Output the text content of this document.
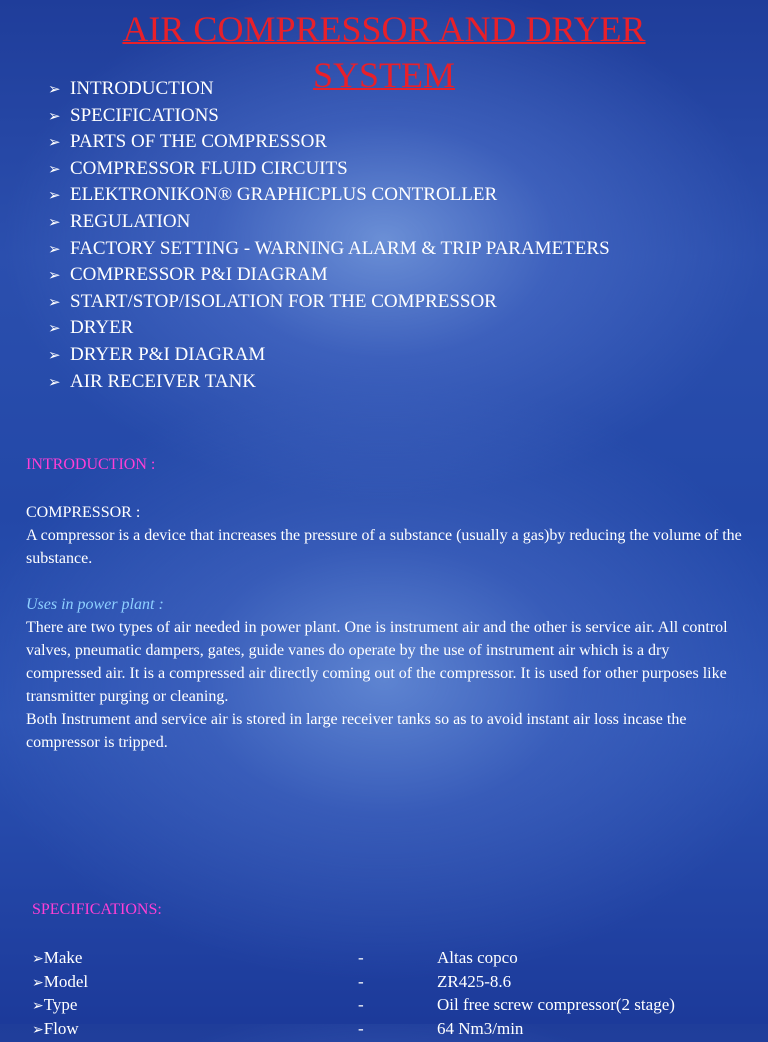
AIR COMPRESSOR AND DRYER
SYSTEM
➢ INTRODUCTION
➢ SPECIFICATIONS
➢ PARTS OF THE COMPRESSOR
➢ COMPRESSOR FLUID CIRCUITS
➢ ELEKTRONIKON® GRAPHICPLUS CONTROLLER
➢ REGULATION
➢ FACTORY SETTING - WARNING ALARM & TRIP PARAMETERS
➢ COMPRESSOR P&I DIAGRAM
➢ START/STOP/ISOLATION FOR THE COMPRESSOR
➢ DRYER
➢ DRYER P&I DIAGRAM
➢ AIR RECEIVER TANK
INTRODUCTION :

COMPRESSOR :

A compressor is a device that increases the pressure of a substance (usually a gas)by reducing the volume of the substance.

Uses in power plant :

There are two types of air needed in power plant. One is instrument air and the other is service air. All control valves, pneumatic dampers, gates, guide vanes do operate by the use of instrument air which is a dry compressed air. It is a compressed air directly coming out of the compressor. It is used for other purposes like transmitter purging or cleaning.

Both Instrument and service air is stored in large receiver tanks so as to avoid instant air loss incase the compressor is tripped.

SPECIFICATIONS:
➢Make	-	Altas copco
➢Model	-	ZR425-8.6
➢Type	-	Oil free screw compressor(2 stage)
➢Flow	-	64 Nm3/min
